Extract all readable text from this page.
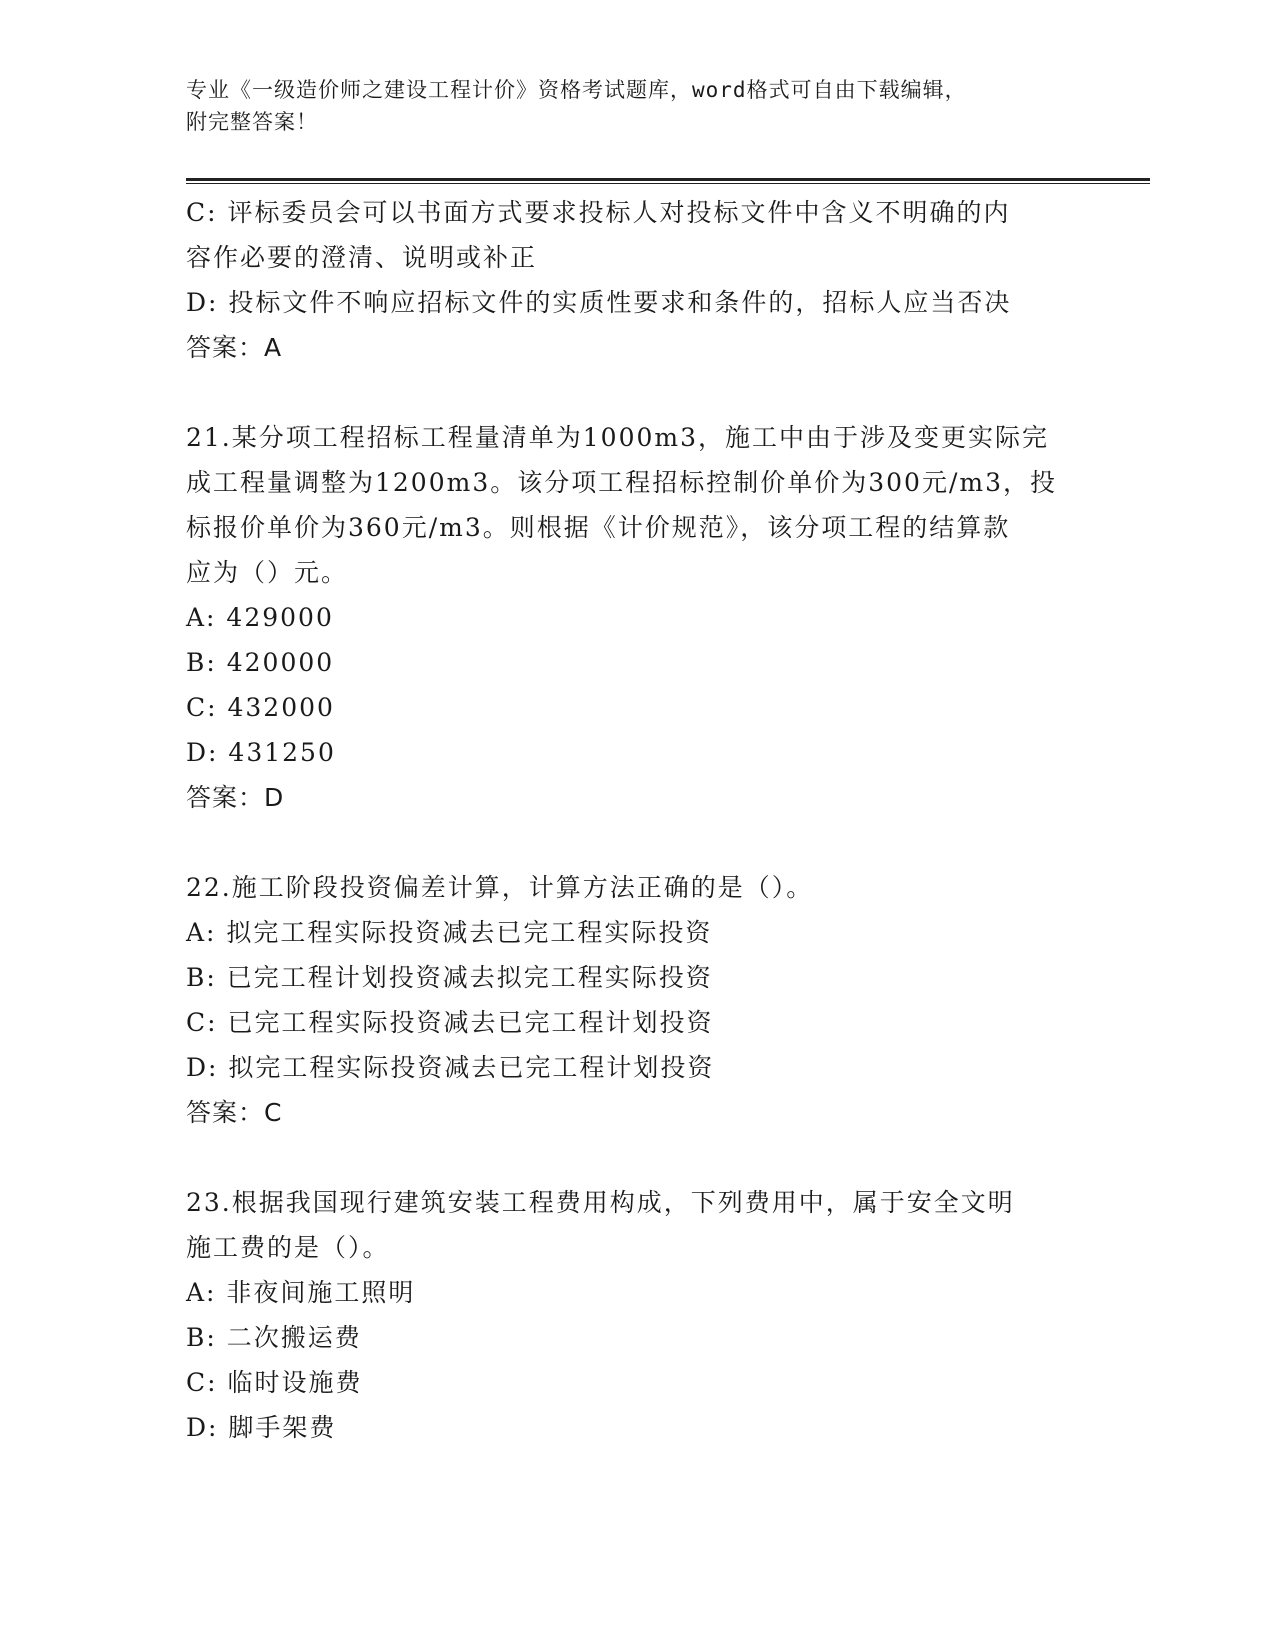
专业《一级造价师之建设工程计价》资格考试题库，word格式可自由下载编辑，
附完整答案！

C: 评标委员会可以书面方式要求投标人对投标文件中含义不明确的内

容作必要的澄清、说明或补正

D: 投标文件不响应招标文件的实质性要求和条件的，招标人应当否决

答案：A

21.某分项工程招标工程量清单为1000m3，施工中由于涉及变更实际完

成工程量调整为1200m3。该分项工程招标控制价单价为300元/m3，投

标报价单价为360元/m3。则根据《计价规范》，该分项工程的结算款

应为（）元。

A: 429000

B: 420000

C: 432000

D: 431250

答案：D

22.施工阶段投资偏差计算，计算方法正确的是（）。

A: 拟完工程实际投资减去已完工程实际投资

B: 已完工程计划投资减去拟完工程实际投资

C: 已完工程实际投资减去已完工程计划投资

D: 拟完工程实际投资减去已完工程计划投资

答案：C

23.根据我国现行建筑安装工程费用构成，下列费用中，属于安全文明

施工费的是（）。

A: 非夜间施工照明

B: 二次搬运费

C: 临时设施费

D: 脚手架费
